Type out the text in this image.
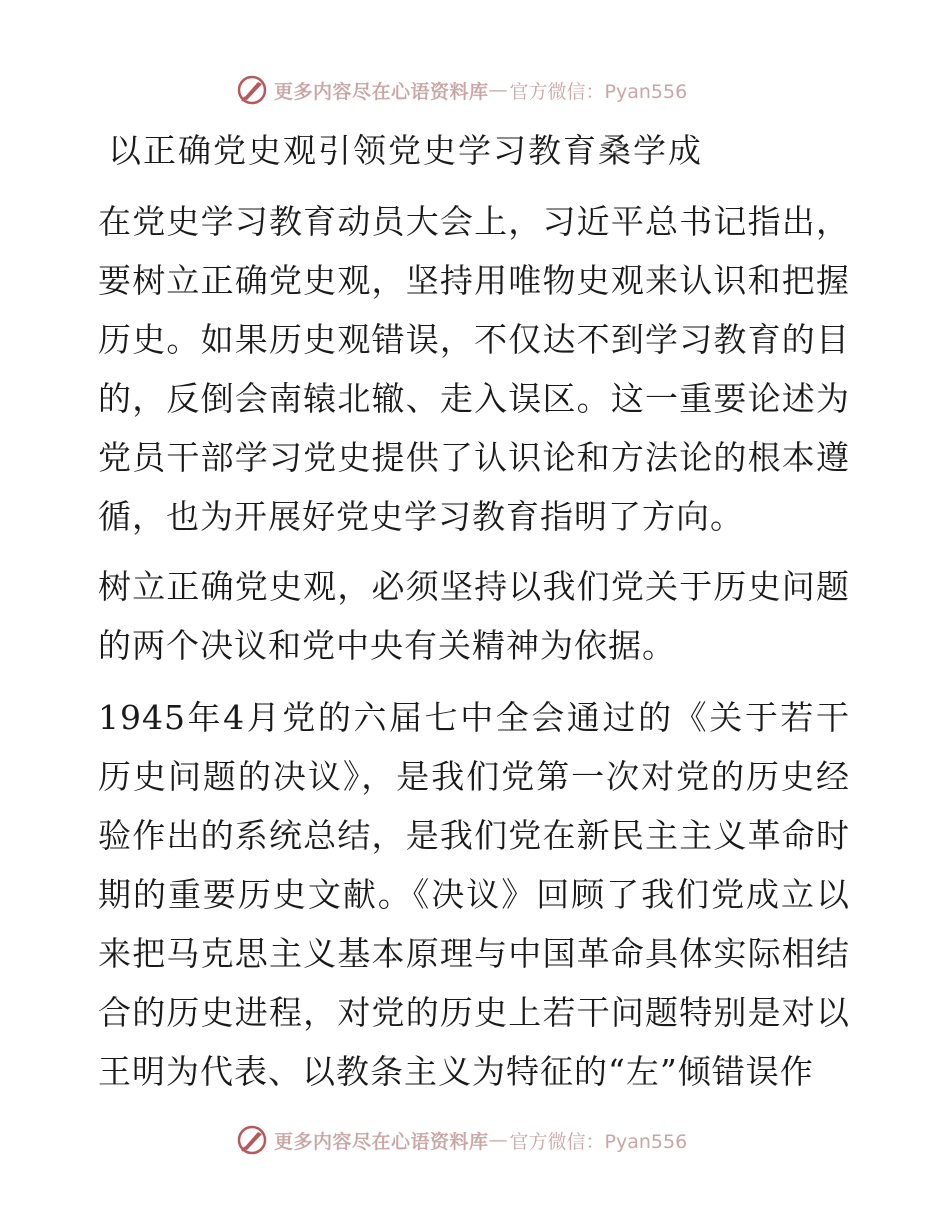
更多内容尽在心语资料库 — 官方微信：Pyan556
以正确党史观引领党史学习教育桑学成

在党史学习教育动员大会上，习近平总书记指出，要树立正确党史观，坚持用唯物史观来认识和把握历史。如果历史观错误，不仅达不到学习教育的目的，反倒会南辕北辙、走入误区。这一重要论述为党员干部学习党史提供了认识论和方法论的根本遵循，也为开展好党史学习教育指明了方向。

树立正确党史观，必须坚持以我们党关于历史问题的两个决议和党中央有关精神为依据。

1945年4月党的六届七中全会通过的《关于若干历史问题的决议》，是我们党第一次对党的历史经验作出的系统总结，是我们党在新民主主义革命时期的重要历史文献。《决议》回顾了我们党成立以来把马克思主义基本原理与中国革命具体实际相结合的历史进程，对党的历史上若干问题特别是对以王明为代表、以教条主义为特征的“左”倾错误作

更多内容尽在心语资料库 — 官方微信：Pyan556
